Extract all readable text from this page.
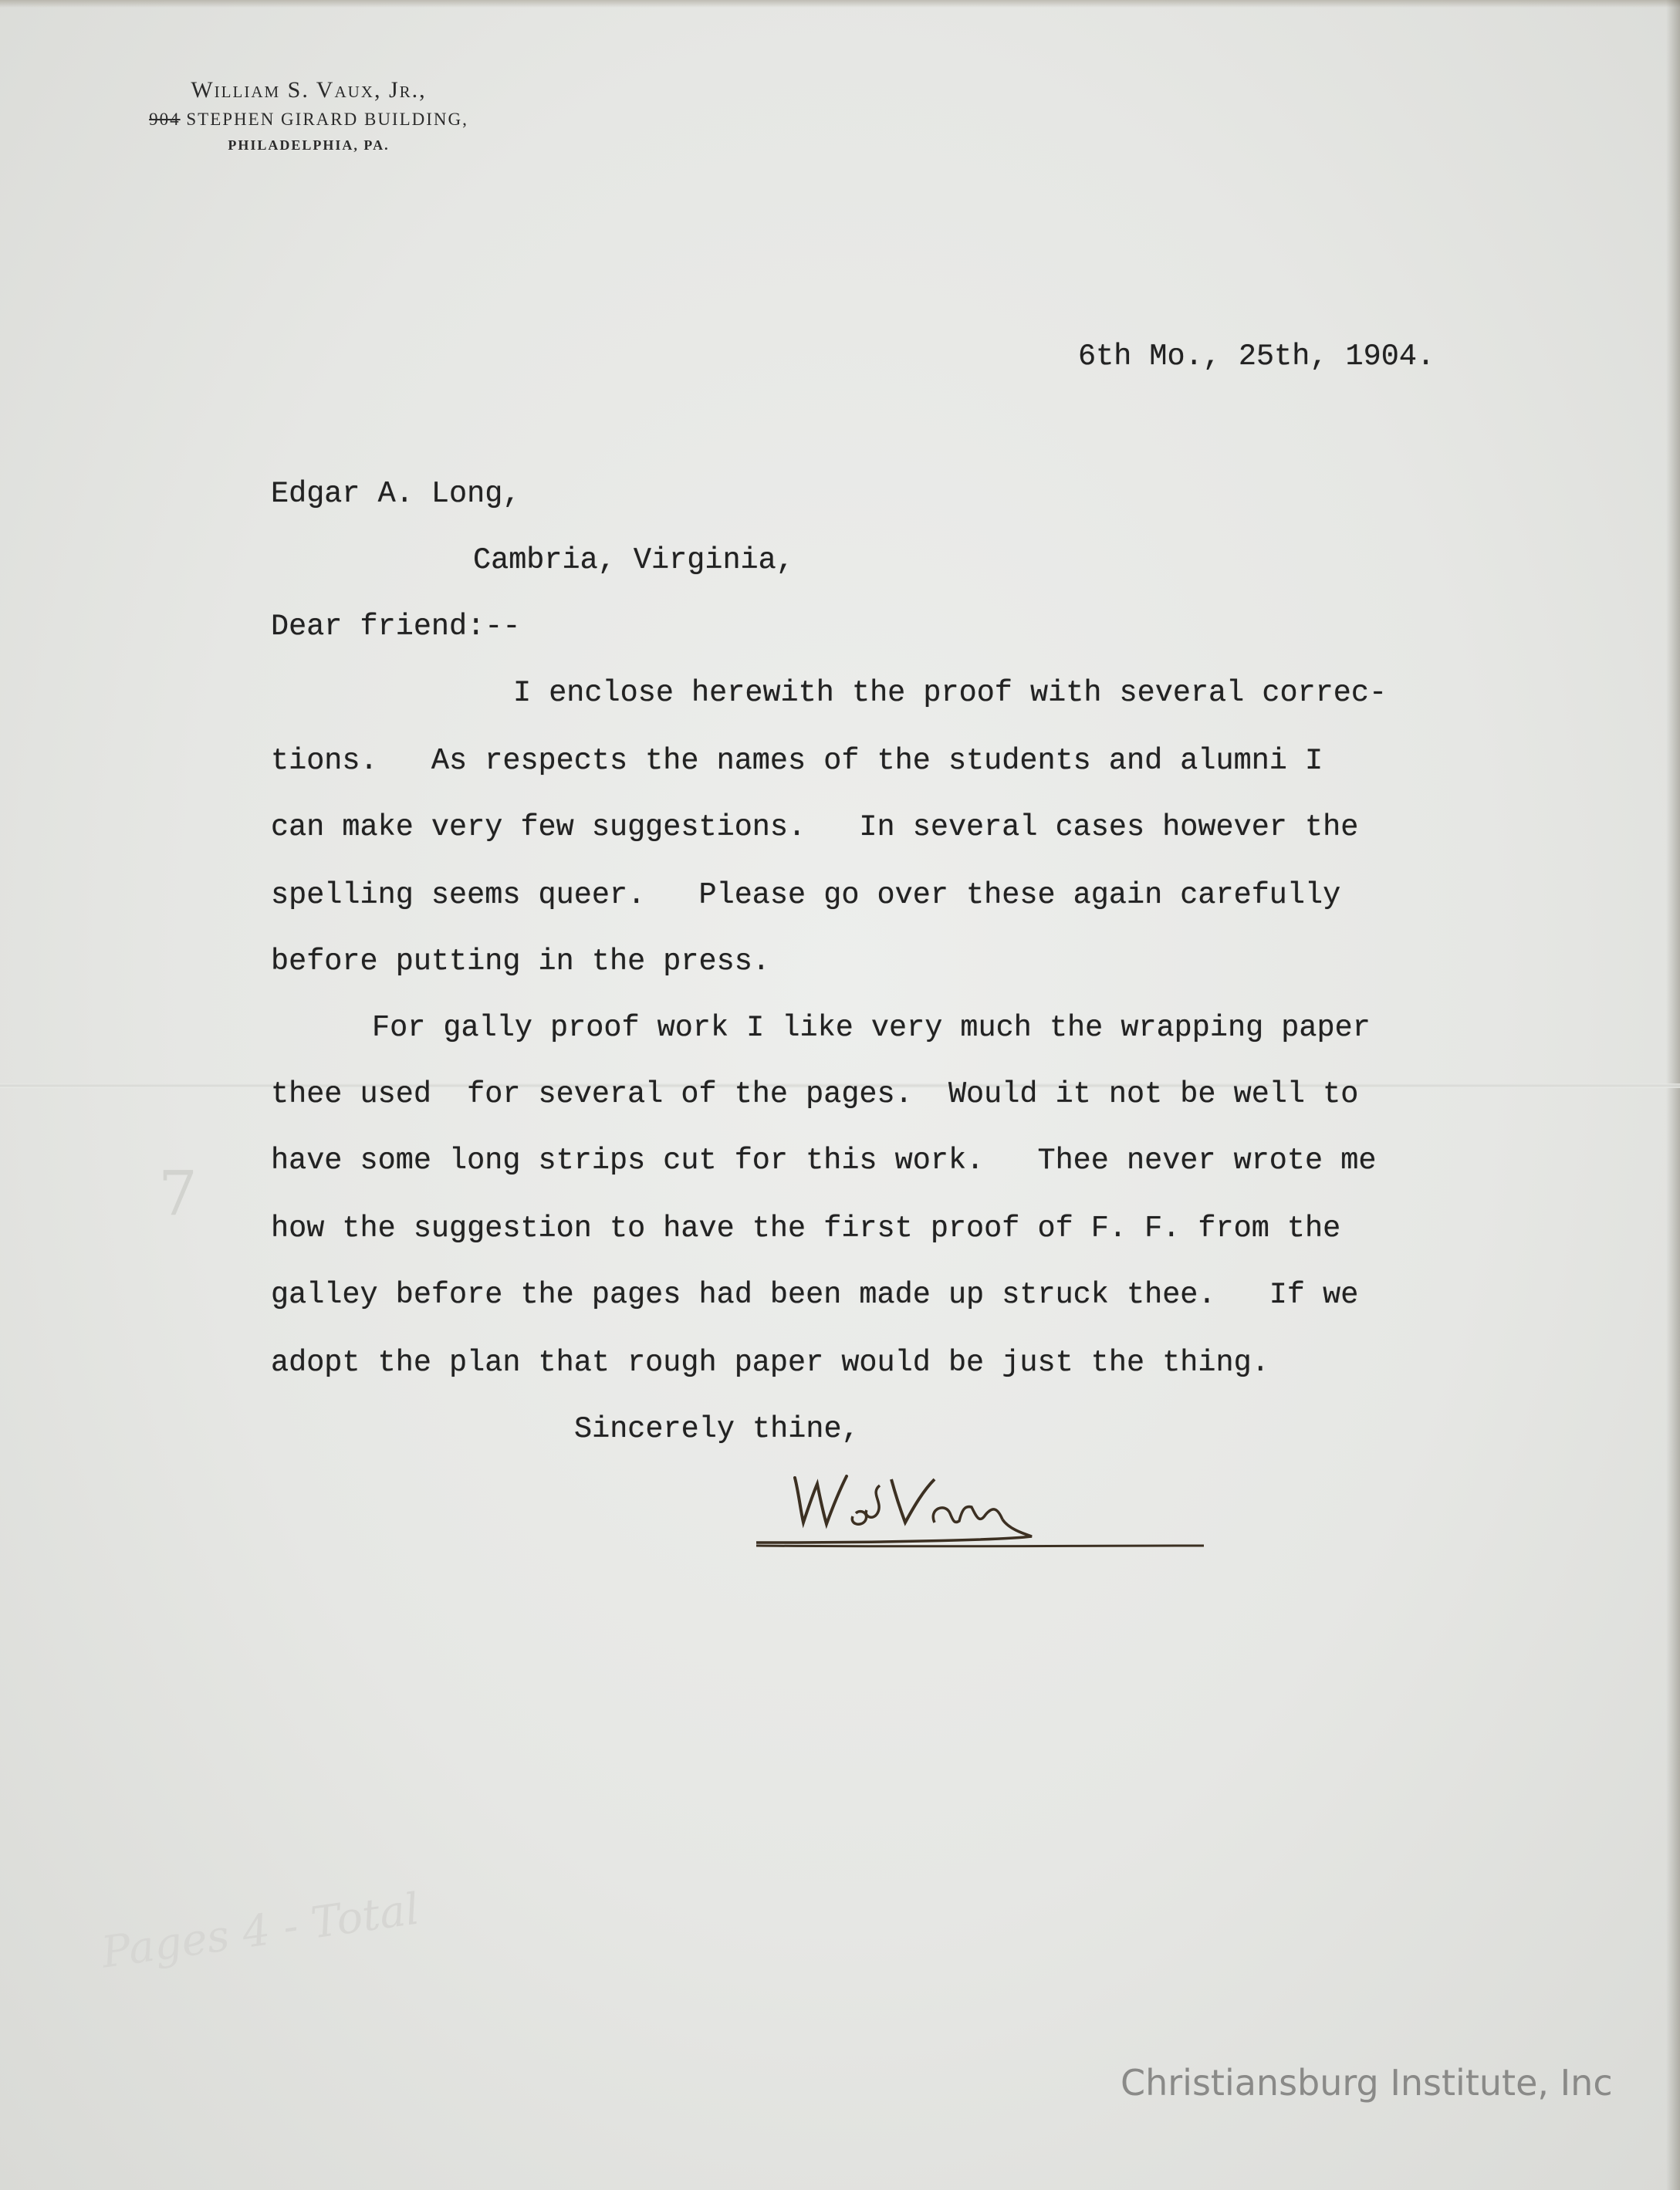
William S. Vaux, Jr.,
904 STEPHEN GIRARD BUILDING,
PHILADELPHIA, PA.
6th Mo., 25th, 1904.
Edgar A. Long,
Cambria, Virginia,
Dear friend:--
I enclose herewith the proof with several correc-
tions.   As respects the names of the students and alumni I
can make very few suggestions.   In several cases however the
spelling seems queer.   Please go over these again carefully
before putting in the press.
For gally proof work I like very much the wrapping paper
thee used  for several of the pages.  Would it not be well to
have some long strips cut for this work.   Thee never wrote me
how the suggestion to have the first proof of F. F. from the
galley before the pages had been made up struck thee.   If we
adopt the plan that rough paper would be just the thing.
Sincerely thine,
7
Pages 4 - Total
Christiansburg Institute, Inc
